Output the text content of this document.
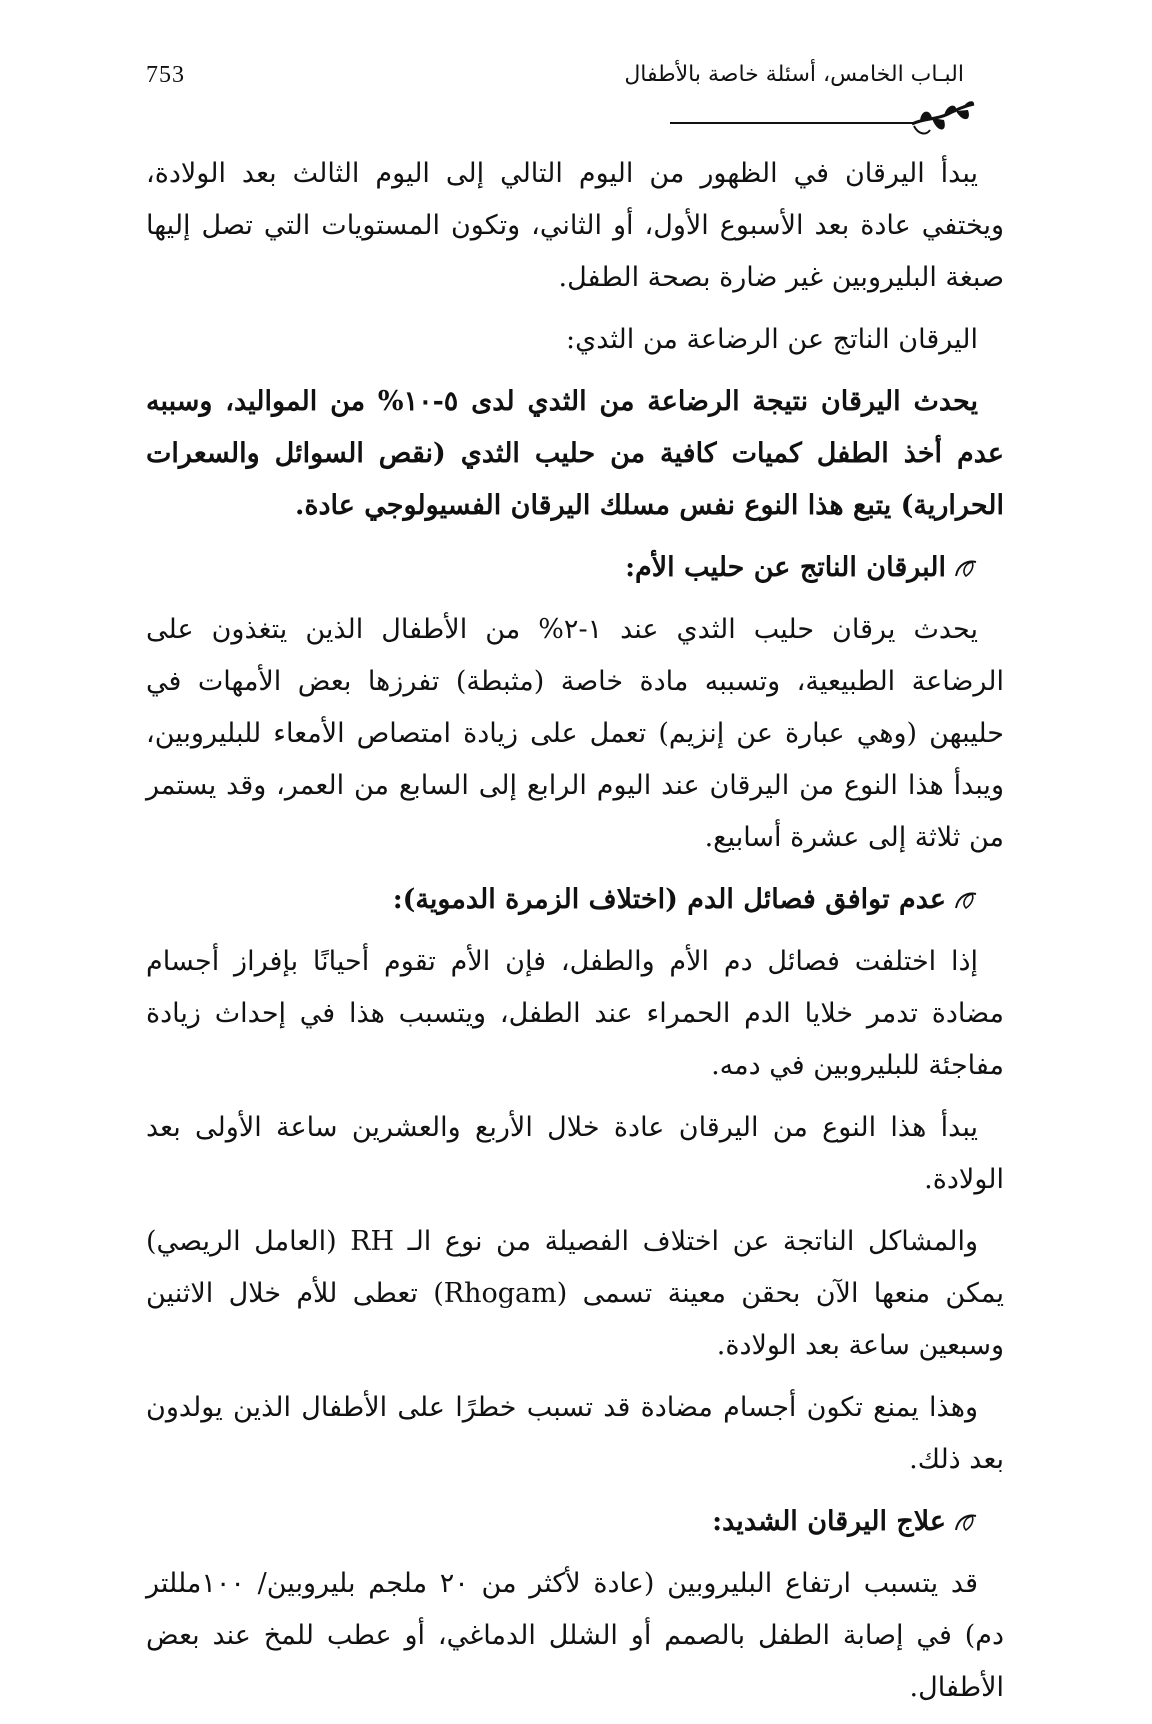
753	البـاب الخامس، أسئلة خاصة بالأطفال

يبدأ اليرقان في الظهور من اليوم التالي إلى اليوم الثالث بعد الولادة، ويختفي عادة بعد الأسبوع الأول، أو الثاني، وتكون المستويات التي تصل إليها صبغة البليروبين غير ضارة بصحة الطفل.

اليرقان الناتج عن الرضاعة من الثدي:

يحدث اليرقان نتيجة الرضاعة من الثدي لدى ٥-١٠% من المواليد، وسببه عدم أخذ الطفل كميات كافية من حليب الثدي (نقص السوائل والسعرات الحرارية) يتبع هذا النوع نفس مسلك اليرقان الفسيولوجي عادة.

البرقان الناتج عن حليب الأم:

يحدث يرقان حليب الثدي عند ١-٢% من الأطفال الذين يتغذون على الرضاعة الطبيعية، وتسببه مادة خاصة (مثبطة) تفرزها بعض الأمهات في حليبهن (وهي عبارة عن إنزيم) تعمل على زيادة امتصاص الأمعاء للبليروبين، ويبدأ هذا النوع من اليرقان عند اليوم الرابع إلى السابع من العمر، وقد يستمر من ثلاثة إلى عشرة أسابيع.

عدم توافق فصائل الدم (اختلاف الزمرة الدموية):

إذا اختلفت فصائل دم الأم والطفل، فإن الأم تقوم أحيانًا بإفراز أجسام مضادة تدمر خلايا الدم الحمراء عند الطفل، ويتسبب هذا في إحداث زيادة مفاجئة للبليروبين في دمه.

يبدأ هذا النوع من اليرقان عادة خلال الأربع والعشرين ساعة الأولى بعد الولادة.

والمشاكل الناتجة عن اختلاف الفصيلة من نوع الـ RH (العامل الريصي) يمكن منعها الآن بحقن معينة تسمى (Rhogam) تعطى للأم خلال الاثنين وسبعين ساعة بعد الولادة.

وهذا يمنع تكون أجسام مضادة قد تسبب خطرًا على الأطفال الذين يولدون بعد ذلك.

علاج اليرقان الشديد:

قد يتسبب ارتفاع البليروبين (عادة لأكثر من ٢٠ ملجم بليروبين/ ١٠٠مللتر دم) في إصابة الطفل بالصمم أو الشلل الدماغي، أو عطب للمخ عند بعض الأطفال.
